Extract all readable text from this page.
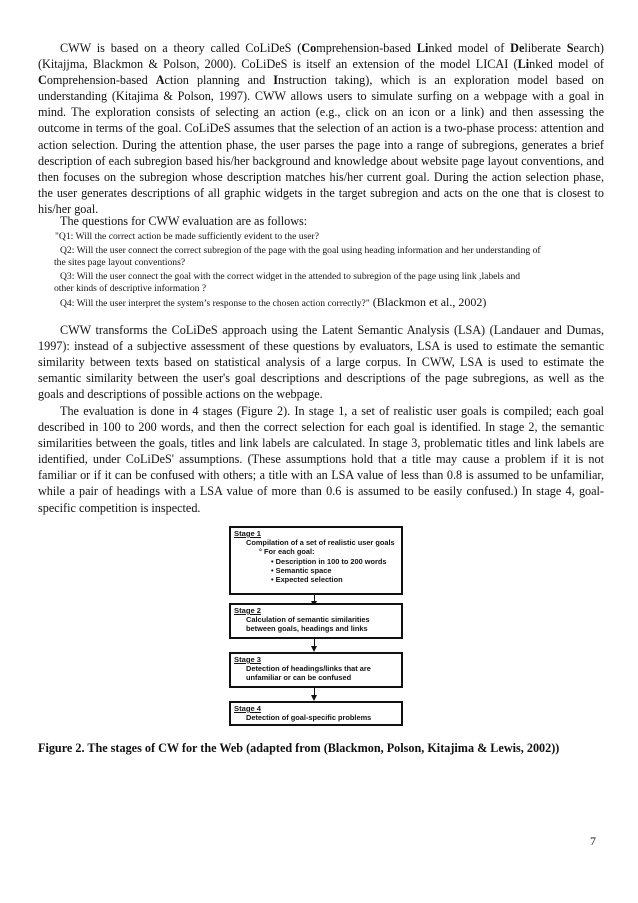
CWW is based on a theory called CoLiDeS (Comprehension-based Linked model of Deliberate Search) (Kitajjma, Blackmon & Polson, 2000). CoLiDeS is itself an extension of the model LICAI (Linked model of Comprehension-based Action planning and Instruction taking), which is an exploration model based on understanding (Kitajima & Polson, 1997). CWW allows users to simulate surfing on a webpage with a goal in mind. The exploration consists of selecting an action (e.g., click on an icon or a link) and then assessing the outcome in terms of the goal. CoLiDeS assumes that the selection of an action is a two-phase process: attention and action selection. During the attention phase, the user parses the page into a range of subregions, generates a brief description of each subregion based his/her background and knowledge about website page layout conventions, and then focuses on the subregion whose description matches his/her current goal. During the action selection phase, the user generates descriptions of all graphic widgets in the target subregion and acts on the one that is closest to his/her goal.

The questions for CWW evaluation are as follows:
"Q1: Will the correct action be made sufficiently evident to the user?
Q2: Will the user connect the correct subregion of the page with the goal using heading information and her understanding of
the sites page layout conventions?
Q3: Will the user connect the goal with the correct widget in the attended to subregion of the page using link ,labels and
other kinds of descriptive information ?
Q4: Will the user interpret the system’s response to the chosen action correctly?" (Blackmon et al., 2002)

CWW transforms the CoLiDeS approach using the Latent Semantic Analysis (LSA) (Landauer and Dumas, 1997): instead of a subjective assessment of these questions by evaluators, LSA is used to estimate the semantic similarity between texts based on statistical analysis of a large corpus. In CWW, LSA is used to estimate the semantic similarity between the user's goal descriptions and descriptions of the page subregions, as well as the goals and descriptions of possible actions on the webpage.

The evaluation is done in 4 stages (Figure 2). In stage 1, a set of realistic user goals is compiled; each goal described in 100 to 200 words, and then the correct selection for each goal is identified. In stage 2, the semantic similarities between the goals, titles and link labels are calculated. In stage 3, problematic titles and link labels are identified, under CoLiDeS' assumptions. (These assumptions hold that a title may cause a problem if it is not familiar or if it can be confused with others; a title with an LSA value of less than 0.8 is assumed to be unfamiliar, while a pair of headings with a LSA value of more than 0.6 is assumed to be easily confused.) In stage 4, goal-specific competition is inspected.

Stage 1
Compilation of a set of realistic user goals
° For each goal:
• Description in 100 to 200 words
• Semantic space
• Expected selection
Stage 2
Calculation of semantic similarities
between goals, headings and links
Stage 3
Detection of headings/links that are
unfamiliar or can be confused
Stage 4
Detection of goal-specific problems
Figure 2. The stages of CW for the Web (adapted from (Blackmon, Polson, Kitajima & Lewis, 2002))
7
